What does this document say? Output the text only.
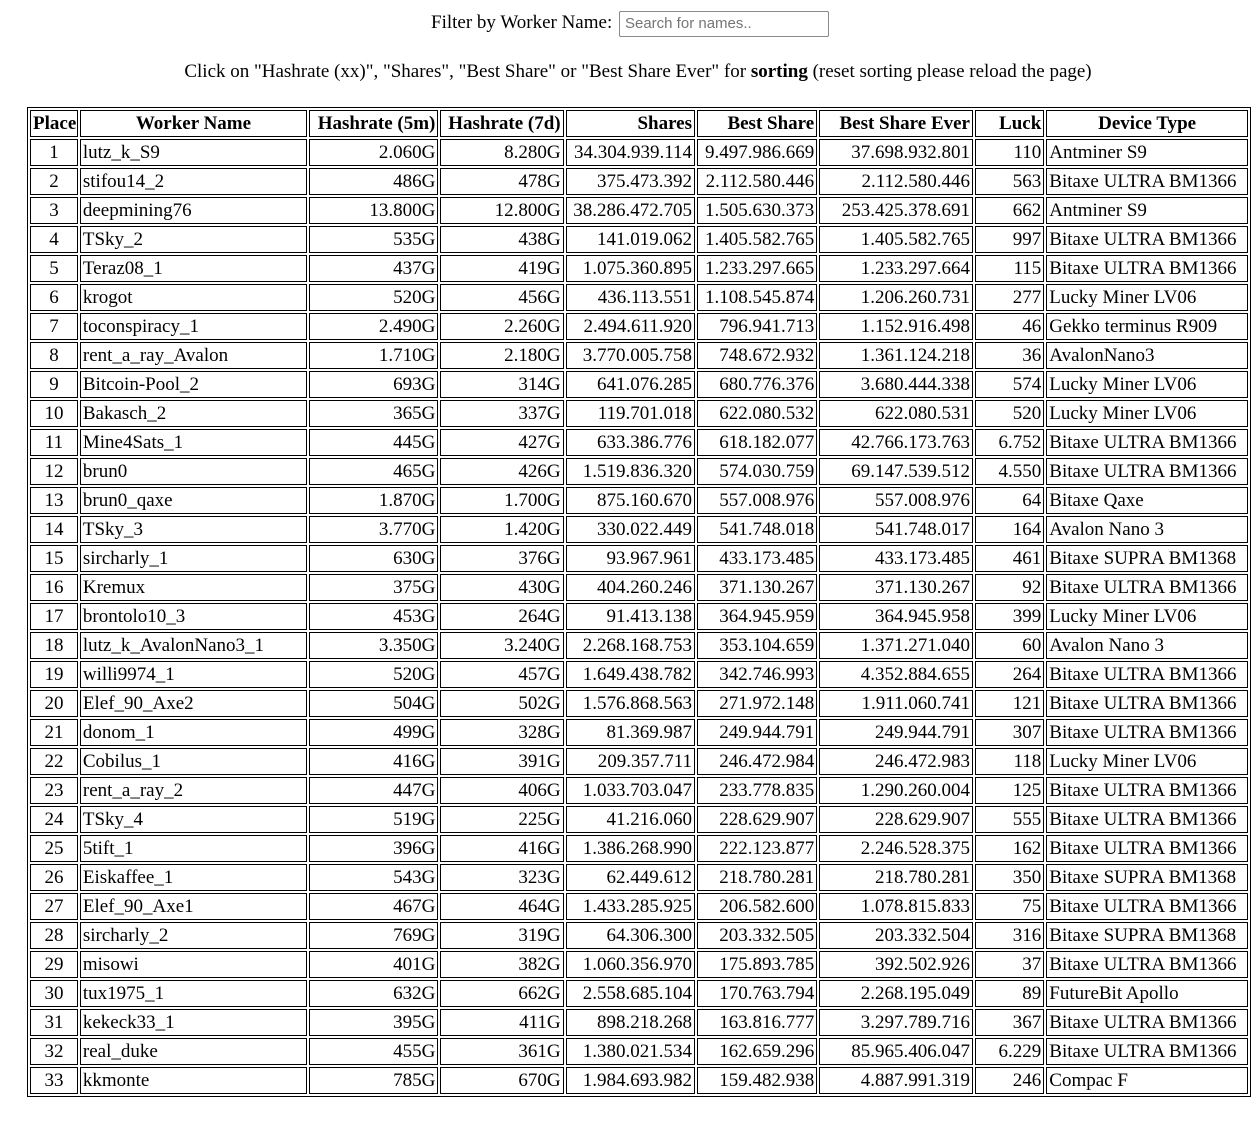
Filter by Worker Name: Search for names..
Click on "Hashrate (xx)", "Shares", "Best Share" or "Best Share Ever" for sorting (reset sorting please reload the page)
Place	Worker Name	Hashrate (5m)	Hashrate (7d)	Shares	Best Share	Best Share Ever	Luck	Device Type
1	lutz_k_S9	2.060G	8.280G	34.304.939.114	9.497.986.669	37.698.932.801	110	Antminer S9
2	stifou14_2	486G	478G	375.473.392	2.112.580.446	2.112.580.446	563	Bitaxe ULTRA BM1366
3	deepmining76	13.800G	12.800G	38.286.472.705	1.505.630.373	253.425.378.691	662	Antminer S9
4	TSky_2	535G	438G	141.019.062	1.405.582.765	1.405.582.765	997	Bitaxe ULTRA BM1366
5	Teraz08_1	437G	419G	1.075.360.895	1.233.297.665	1.233.297.664	115	Bitaxe ULTRA BM1366
6	krogot	520G	456G	436.113.551	1.108.545.874	1.206.260.731	277	Lucky Miner LV06
7	toconspiracy_1	2.490G	2.260G	2.494.611.920	796.941.713	1.152.916.498	46	Gekko terminus R909
8	rent_a_ray_Avalon	1.710G	2.180G	3.770.005.758	748.672.932	1.361.124.218	36	AvalonNano3
9	Bitcoin-Pool_2	693G	314G	641.076.285	680.776.376	3.680.444.338	574	Lucky Miner LV06
10	Bakasch_2	365G	337G	119.701.018	622.080.532	622.080.531	520	Lucky Miner LV06
11	Mine4Sats_1	445G	427G	633.386.776	618.182.077	42.766.173.763	6.752	Bitaxe ULTRA BM1366
12	brun0	465G	426G	1.519.836.320	574.030.759	69.147.539.512	4.550	Bitaxe ULTRA BM1366
13	brun0_qaxe	1.870G	1.700G	875.160.670	557.008.976	557.008.976	64	Bitaxe Qaxe
14	TSky_3	3.770G	1.420G	330.022.449	541.748.018	541.748.017	164	Avalon Nano 3
15	sircharly_1	630G	376G	93.967.961	433.173.485	433.173.485	461	Bitaxe SUPRA BM1368
16	Kremux	375G	430G	404.260.246	371.130.267	371.130.267	92	Bitaxe ULTRA BM1366
17	brontolo10_3	453G	264G	91.413.138	364.945.959	364.945.958	399	Lucky Miner LV06
18	lutz_k_AvalonNano3_1	3.350G	3.240G	2.268.168.753	353.104.659	1.371.271.040	60	Avalon Nano 3
19	willi9974_1	520G	457G	1.649.438.782	342.746.993	4.352.884.655	264	Bitaxe ULTRA BM1366
20	Elef_90_Axe2	504G	502G	1.576.868.563	271.972.148	1.911.060.741	121	Bitaxe ULTRA BM1366
21	donom_1	499G	328G	81.369.987	249.944.791	249.944.791	307	Bitaxe ULTRA BM1366
22	Cobilus_1	416G	391G	209.357.711	246.472.984	246.472.983	118	Lucky Miner LV06
23	rent_a_ray_2	447G	406G	1.033.703.047	233.778.835	1.290.260.004	125	Bitaxe ULTRA BM1366
24	TSky_4	519G	225G	41.216.060	228.629.907	228.629.907	555	Bitaxe ULTRA BM1366
25	5tift_1	396G	416G	1.386.268.990	222.123.877	2.246.528.375	162	Bitaxe ULTRA BM1366
26	Eiskaffee_1	543G	323G	62.449.612	218.780.281	218.780.281	350	Bitaxe SUPRA BM1368
27	Elef_90_Axe1	467G	464G	1.433.285.925	206.582.600	1.078.815.833	75	Bitaxe ULTRA BM1366
28	sircharly_2	769G	319G	64.306.300	203.332.505	203.332.504	316	Bitaxe SUPRA BM1368
29	misowi	401G	382G	1.060.356.970	175.893.785	392.502.926	37	Bitaxe ULTRA BM1366
30	tux1975_1	632G	662G	2.558.685.104	170.763.794	2.268.195.049	89	FutureBit Apollo
31	kekeck33_1	395G	411G	898.218.268	163.816.777	3.297.789.716	367	Bitaxe ULTRA BM1366
32	real_duke	455G	361G	1.380.021.534	162.659.296	85.965.406.047	6.229	Bitaxe ULTRA BM1366
33	kkmonte	785G	670G	1.984.693.982	159.482.938	4.887.991.319	246	Compac F
